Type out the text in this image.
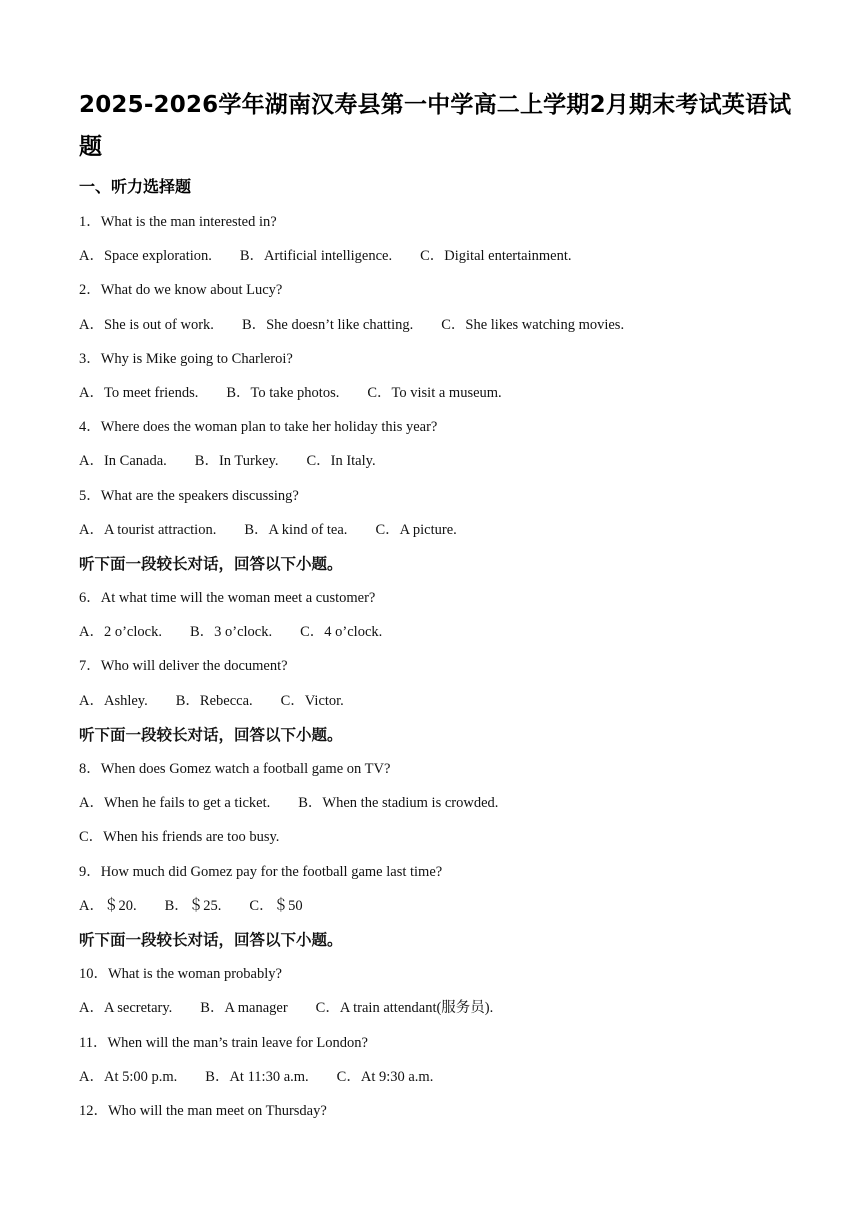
2025-2026学年湖南汉寿县第一中学高二上学期2月期末考试英语试题
一、听力选择题
1．What is the man interested in?
A．Space exploration. B．Artificial intelligence. C．Digital entertainment.
2．What do we know about Lucy?
A．She is out of work. B．She doesn’t like chatting. C．She likes watching movies.
3．Why is Mike going to Charleroi?
A．To meet friends. B．To take photos. C．To visit a museum.
4．Where does the woman plan to take her holiday this year?
A．In Canada. B．In Turkey. C．In Italy.
5．What are the speakers discussing?
A．A tourist attraction. B．A kind of tea. C．A picture.
听下面一段较长对话，回答以下小题。
6．At what time will the woman meet a customer?
A．2 o’clock. B．3 o’clock. C．4 o’clock.
7．Who will deliver the document?
A．Ashley. B．Rebecca. C．Victor.
听下面一段较长对话，回答以下小题。
8．When does Gomez watch a football game on TV?
A．When he fails to get a ticket. B．When the stadium is crowded.
C．When his friends are too busy.
9．How much did Gomez pay for the football game last time?
A．＄20. B．＄25. C．＄50
听下面一段较长对话，回答以下小题。
10．What is the woman probably?
A．A secretary. B．A manager C．A train attendant(服务员).
11．When will the man’s train leave for London?
A．At 5:00 p.m. B．At 11:30 a.m. C．At 9:30 a.m.
12．Who will the man meet on Thursday?
